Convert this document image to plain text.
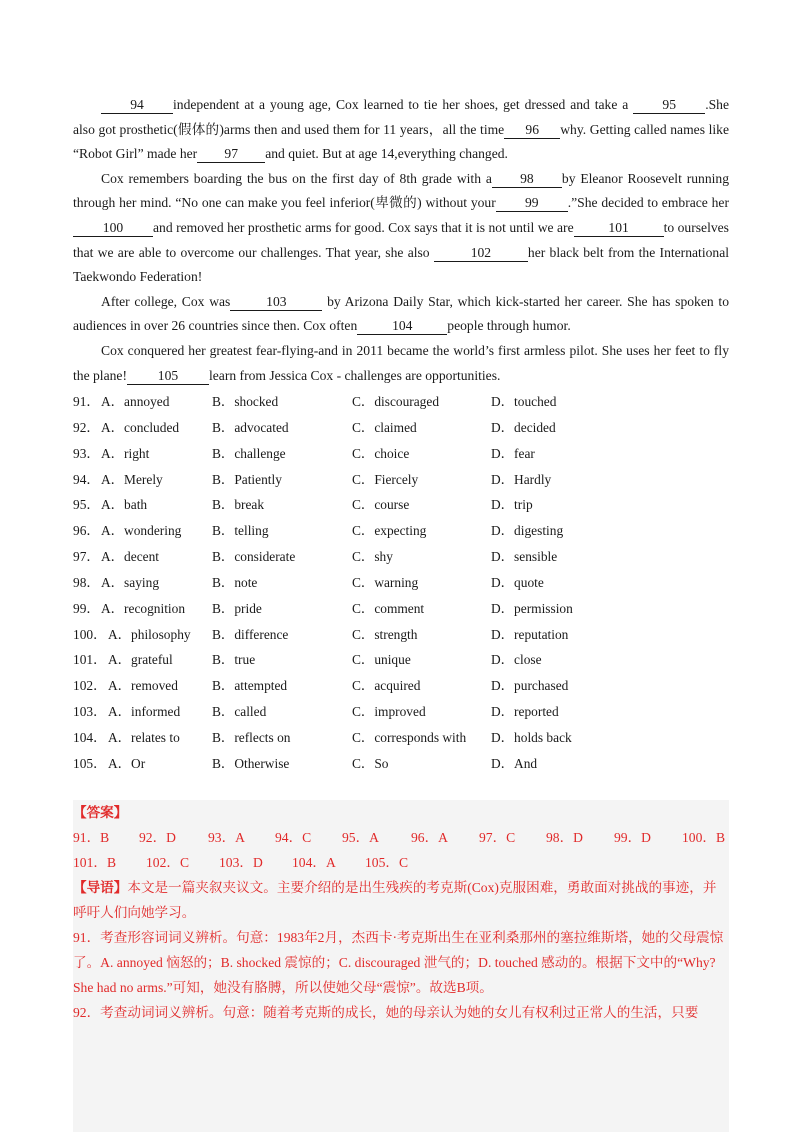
94 independent at a young age, Cox learned to tie her shoes, get dressed and take a 95 .She also got prosthetic(假体的)arms then and used them for 11 years，all the time 96 why. Getting called names like “Robot Girl” made her 97 and quiet. But at age 14,everything changed.

Cox remembers boarding the bus on the first day of 8th grade with a 98 by Eleanor Roosevelt running through her mind. “No one can make you feel inferior(卑微的) without your 99 .”She decided to embrace her100 and removed her prosthetic arms for good. Cox says that it is not until we are	101	to ourselves that we are able to overcome our challenges. That year, she also	102	her black belt from the International Taekwondo Federation!

After college, Cox was	103	by Arizona Daily Star, which kick-started her career. She has spoken to audiences in over 26 countries since then. Cox often	104	people through humor.

Cox conquered her greatest fear-flying-and in 2011 became the world’s first armless pilot. She uses her feet to fly the plane! 105 learn from Jessica Cox - challenges are opportunities.

91． A．annoyed	B．shocked	C．discouraged	D．touched
92． A．concluded B．advocated	C．claimed	D．decided
93． A．right	B．challenge	C．choice	D．fear
94． A．Merely	B．Patiently	C．Fiercely	D．Hardly
95． A．bath	B．break	C．course	D．trip
96． A．wondering B．telling	C．expecting	D．digesting
97． A．decent	B．considerate	C．shy	D．sensible
98． A．saying	B．note	C．warning	D．quote
99． A．recognition B．pride	C．comment	D．permission
100． A．philosophy B．difference	C．strength	D．reputation
101． A．grateful	B．true	C．unique	D．close
102． A．removed	B．attempted	C．acquired	D．purchased
103． A．informed B．called	C．improved	D．reported
104． A．relates to B．reflects on	C．corresponds with D．holds back
105． A．Or	B．Otherwise	C．So	D．And

【答案】

91．B 92．D 93．A 94．C 95．A 96．A 97．C 98．D 99．D 100．B
101．B 102．C 103．D 104．A 105．C

【导语】本文是一篇夹叙夹议文。主要介绍的是出生残疾的考克斯(Cox)克服困难，勇敢面对挑战的事迹，并呼吁人们向她学习。

91．考查形容词词义辨析。句意：1983年2月，杰西卡·考克斯出生在亚利桑那州的塞拉维斯塔，她的父母震惊了。A. annoyed 恼怒的；B. shocked 震惊的；C. discouraged 泄气的；D. touched 感动的。根据下文中的“Why? She had no arms.”可知，她没有胳膊，所以使她父母“震惊”。故选B项。

92．考查动词词义辨析。句意：随着考克斯的成长，她的母亲认为她的女儿有权利过正常人的生活，只要
